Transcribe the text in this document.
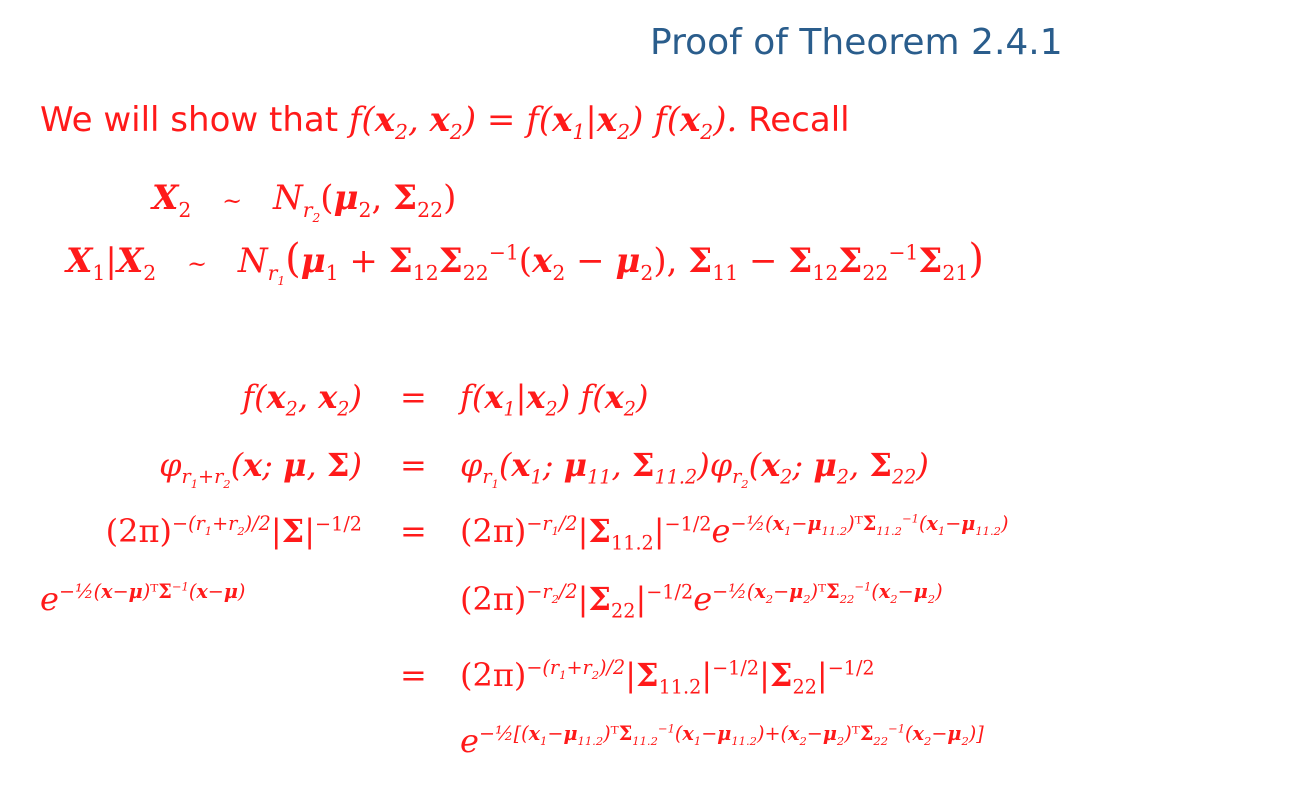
Proof of Theorem 2.4.1
We will show that $f(x_2$, $x_2) = f(x_1|x_2)$ $f(x_2)$. Recall
$X_2$ ~ $N_{r_2}(\mu_2$, $\Sigma_{22}$)
$X_1|X_2$ ~ $N_{r_1}(\mu_1 + \Sigma_{12}\Sigma_{22}^{-1}(x_2 - \mu_2)$, $\Sigma_{11} - \Sigma_{12}\Sigma_{22}^{-1}\Sigma_{21}$)
$f(x_2$, $x_2) = f(x_1|x_2)$ $f(x_2)$
$\varphi_{r_1+r_2}(x$; μ, $\Sigma) = \varphi_{r_1}(x_1$; $\mu_{11}$, $\Sigma_{11.2})\varphi_{r_2}(x_2$; $\mu_2$, $\Sigma_{22}$)
$(2\pi)^{-(r_1+r_2)/2}|\Sigma|^{-1/2} = (2\pi)^{-r_1/2}|\Sigma_{11.2}|^{-1/2}e^{-\frac{1}{2}(x_1-\mu_{11.2})ᵀ\Sigma_{11.2}^{-1}(x_1-\mu_{11.2})}$
$e^{-\frac{1}{2}(x-\mu)ᵀ\Sigma^{-1}(x-\mu)}$	$(2\pi)^{-r_2/2}|\Sigma_{22}|^{-1/2}e^{-\frac{1}{2}(x_2-\mu_2)ᵀ\Sigma_{22}^{-1}(x_2-\mu_2)}$
= $(2\pi)^{-(r_1+r_2)/2}|\Sigma_{11.2}|^{-1/2}|\Sigma_{22}|^{-1/2}$
$e^{-\frac{1}{2}[(x_1-\mu_{11.2})ᵀ\Sigma_{11.2}^{-1}(x_1-\mu_{11.2})+(x_2-\mu_2)ᵀ\Sigma_{22}^{-1}(x_2-\mu_2)]}$
